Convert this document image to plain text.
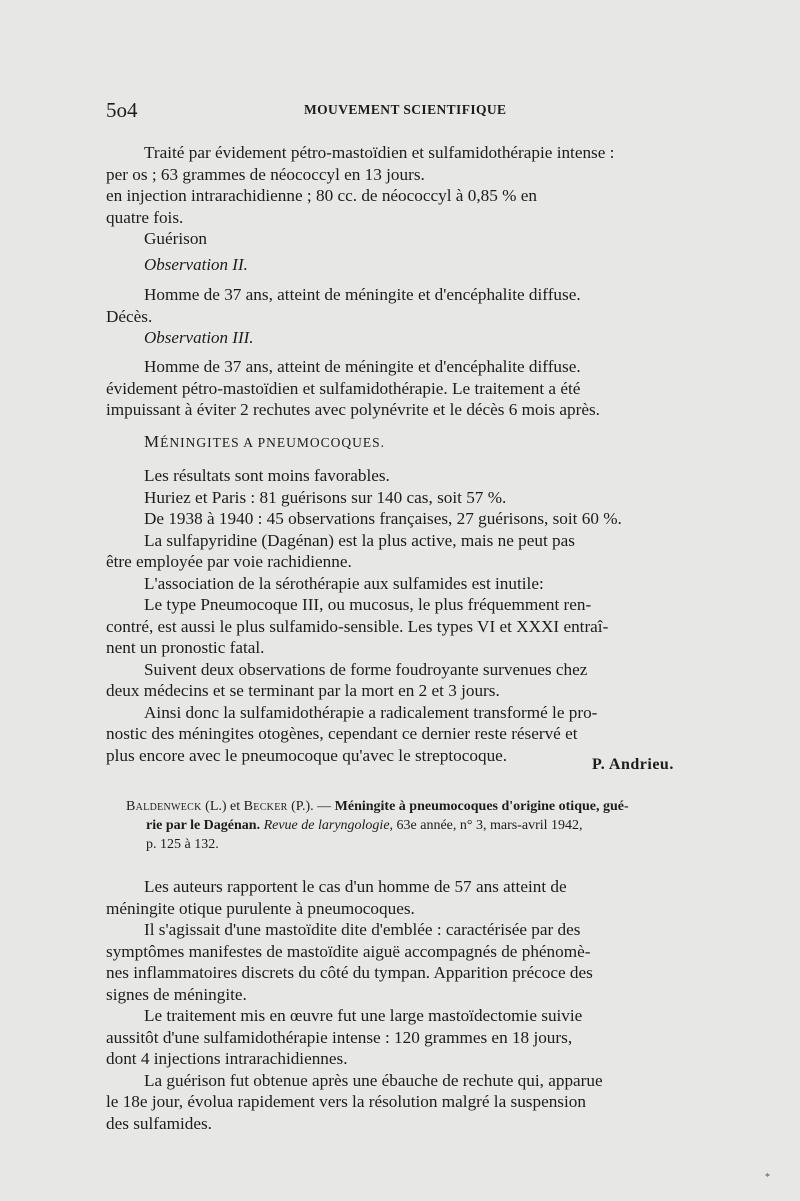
5o4	MOUVEMENT SCIENTIFIQUE
Traité par évidement pétro-mastoïdien et sulfamidothérapie intense :
per os ; 63 grammes de néococcyl en 13 jours.
en injection intrarachidienne ; 80 cc. de néococcyl à 0,85 % en
quatre fois.
Guérison
Observation II.
Homme de 37 ans, atteint de méningite et d'encéphalite diffuse.
Décès.
Observation III.
Homme de 37 ans, atteint de méningite et d'encéphalite diffuse.
évidement pétro-mastoïdien et sulfamidothérapie. Le traitement a été
impuissant à éviter 2 rechutes avec polynévrite et le décès 6 mois après.
MÉNINGITES A PNEUMOCOQUES.
Les résultats sont moins favorables.
Huriez et Paris : 81 guérisons sur 140 cas, soit 57 %.
De 1938 à 1940 : 45 observations françaises, 27 guérisons, soit 60 %.
La sulfapyridine (Dagénan) est la plus active, mais ne peut pas
être employée par voie rachidienne.
L'association de la sérothérapie aux sulfamides est inutile:
Le type Pneumocoque III, ou mucosus, le plus fréquemment ren-
contré, est aussi le plus sulfamido-sensible. Les types VI et XXXI entraî-
nent un pronostic fatal.
Suivent deux observations de forme foudroyante survenues chez
deux médecins et se terminant par la mort en 2 et 3 jours.
Ainsi donc la sulfamidothérapie a radicalement transformé le pro-
nostic des méningites otogènes, cependant ce dernier reste réservé et
plus encore avec le pneumocoque qu'avec le streptocoque.	P. Andrieu.
Baldenweck (L.) et Becker (P.). — Méningite à pneumocoques d'origine otique, gué-
rie par le Dagénan. Revue de laryngologie, 63e année, n° 3, mars-avril 1942,
p. 125 à 132.
Les auteurs rapportent le cas d'un homme de 57 ans atteint de
méningite otique purulente à pneumocoques.
Il s'agissait d'une mastoïdite dite d'emblée : caractérisée par des
symptômes manifestes de mastoïdite aiguë accompagnés de phénomè-
nes inflammatoires discrets du côté du tympan. Apparition précoce des
signes de méningite.
Le traitement mis en œuvre fut une large mastoïdectomie suivie
aussitôt d'une sulfamidothérapie intense : 120 grammes en 18 jours,
dont 4 injections intrarachidiennes.
La guérison fut obtenue après une ébauche de rechute qui, apparue
le 18e jour, évolua rapidement vers la résolution malgré la suspension
des sulfamides.
*
